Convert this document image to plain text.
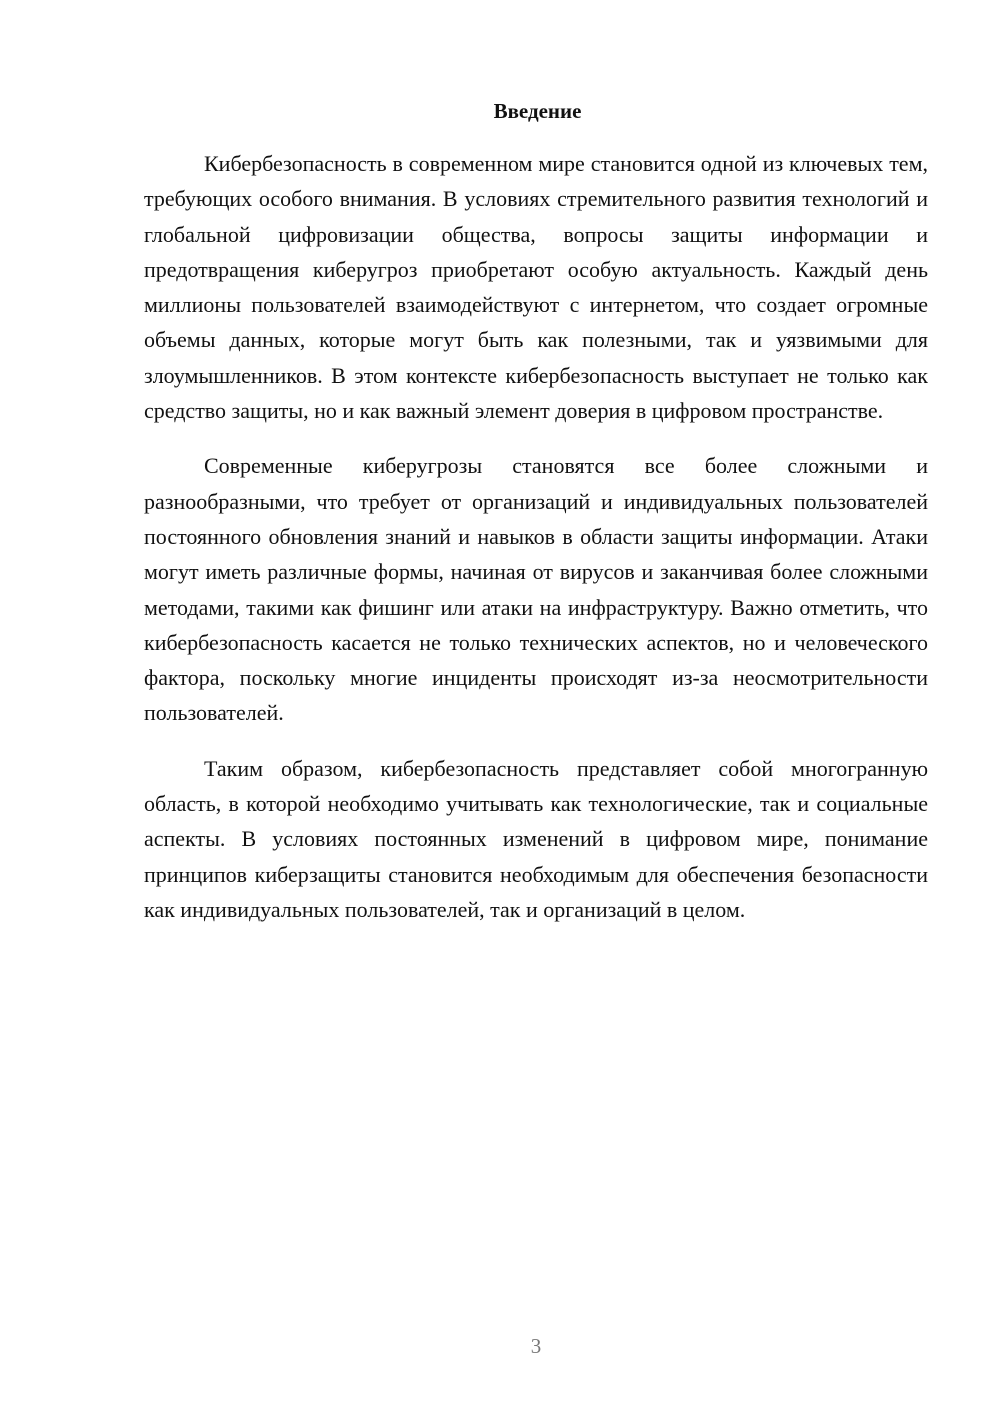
Введение

Кибербезопасность в современном мире становится одной из ключевых тем, требующих особого внимания. В условиях стремительного развития технологий и глобальной цифровизации общества, вопросы защиты информации и предотвращения киберугроз приобретают особую актуальность. Каждый день миллионы пользователей взаимодействуют с интернетом, что создает огромные объемы данных, которые могут быть как полезными, так и уязвимыми для злоумышленников. В этом контексте кибербезопасность выступает не только как средство защиты, но и как важный элемент доверия в цифровом пространстве.

Современные киберугрозы становятся все более сложными и разнообразными, что требует от организаций и индивидуальных пользователей постоянного обновления знаний и навыков в области защиты информации. Атаки могут иметь различные формы, начиная от вирусов и заканчивая более сложными методами, такими как фишинг или атаки на инфраструктуру. Важно отметить, что кибербезопасность касается не только технических аспектов, но и человеческого фактора, поскольку многие инциденты происходят из-за неосмотрительности пользователей.

Таким образом, кибербезопасность представляет собой многогранную область, в которой необходимо учитывать как технологические, так и социальные аспекты. В условиях постоянных изменений в цифровом мире, понимание принципов киберзащиты становится необходимым для обеспечения безопасности как индивидуальных пользователей, так и организаций в целом.

3
